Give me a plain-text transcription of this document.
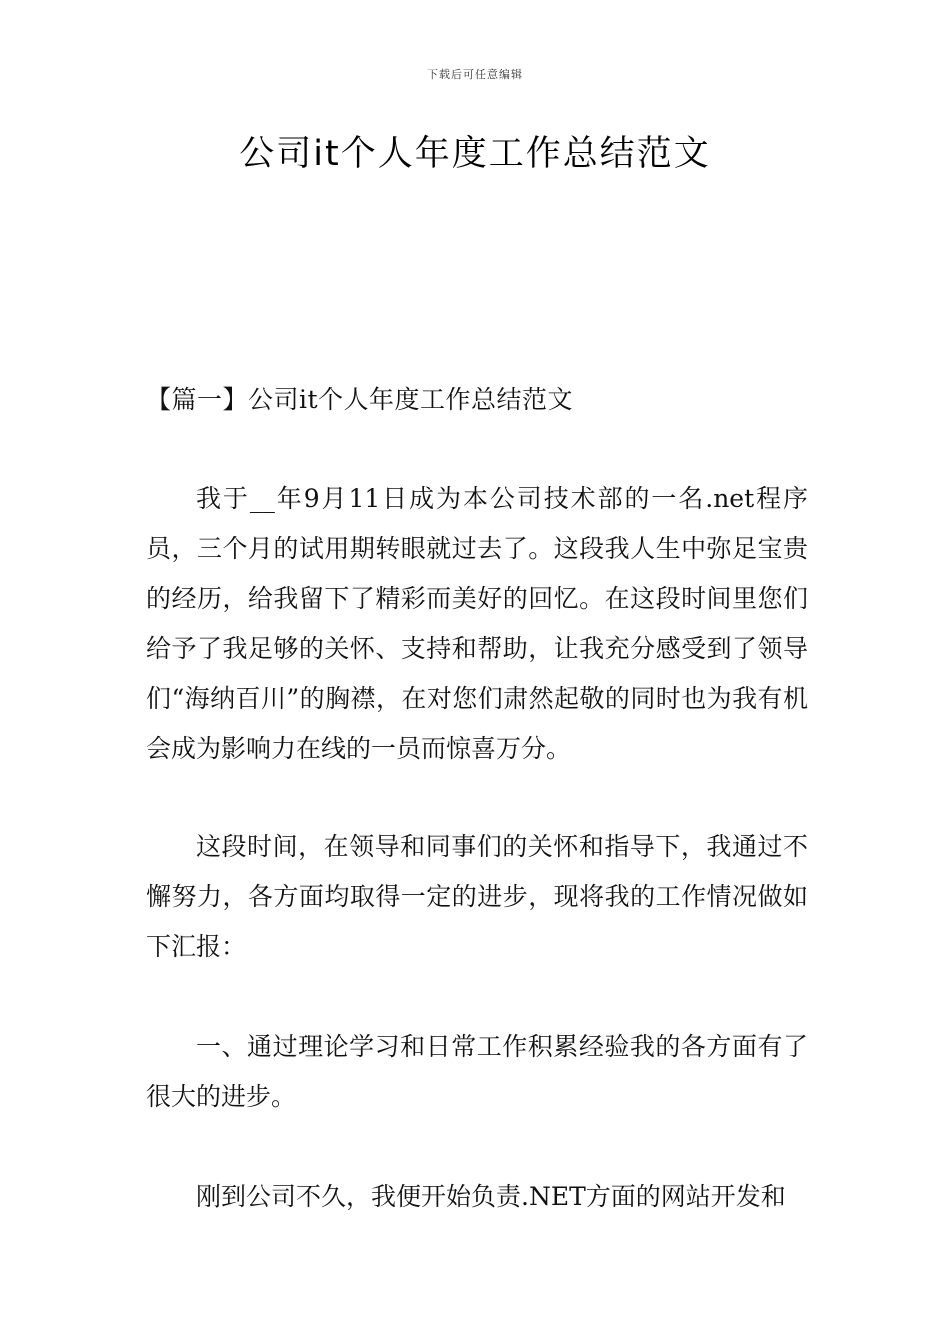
下载后可任意编辑
公司it个人年度工作总结范文
【篇一】公司it个人年度工作总结范文

我于__年9月11日成为本公司技术部的一名.net程序员，三个月的试用期转眼就过去了。这段我人生中弥足宝贵的经历，给我留下了精彩而美好的回忆。在这段时间里您们给予了我足够的关怀、支持和帮助，让我充分感受到了领导们“海纳百川”的胸襟，在对您们肃然起敬的同时也为我有机会成为影响力在线的一员而惊喜万分。

这段时间，在领导和同事们的关怀和指导下，我通过不懈努力，各方面均取得一定的进步，现将我的工作情况做如下汇报：

一、通过理论学习和日常工作积累经验我的各方面有了很大的进步。

刚到公司不久，我便开始负责.NET方面的网站开发和
